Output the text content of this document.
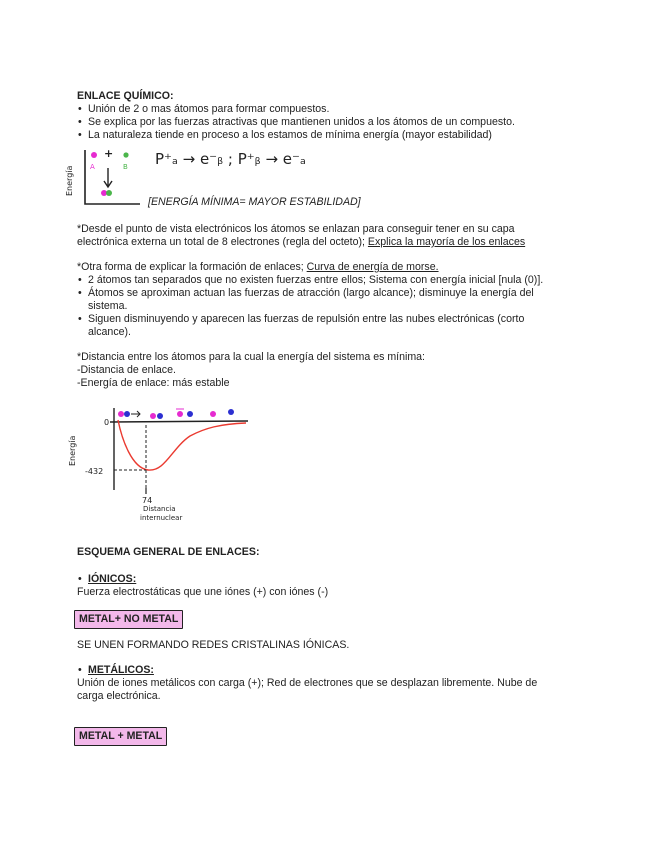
ENLACE QUÍMICO:
• Unión de 2 o mas átomos para formar compuestos.
• Se explica por las fuerzas atractivas que mantienen unidos a los átomos de un compuesto.
• La naturaleza tiende en proceso a los estamos de mínima energía (mayor estabilidad)
Energía
+
A	B P⁺ₐ → e⁻ᵦ ; P⁺ᵦ → e⁻ₐ
[ENERGÍA MÍNIMA= MAYOR ESTABILIDAD]
*Desde el punto de vista electrónicos los átomos se enlazan para conseguir tener en su capa
electrónica externa un total de 8 electrones (regla del octeto); Explica la mayoría de los enlaces
*Otra forma de explicar la formación de enlaces; Curva de energía de morse.
• 2 átomos tan separados que no existen fuerzas entre ellos; Sistema con energía inicial [nula (0)].
• Átomos se aproximan actuan las fuerzas de atracción (largo alcance); disminuye la energía del
sistema.
• Siguen disminuyendo y aparecen las fuerzas de repulsión entre las nubes electrónicas (corto
alcance).
*Distancia entre los átomos para la cual la energía del sistema es mínima:
-Distancia de enlace.
-Energía de enlace: más estable
Energía
0
-432
74
Distancia
internuclear
ESQUEMA GENERAL DE ENLACES:
• IÓNICOS:
Fuerza electrostáticas que une iónes (+) con iónes (-)
METAL+ NO METAL
SE UNEN FORMANDO REDES CRISTALINAS IÓNICAS.
• METÁLICOS:
Unión de iones metálicos con carga (+); Red de electrones que se desplazan libremente. Nube de
carga electrónica.
METAL + METAL
